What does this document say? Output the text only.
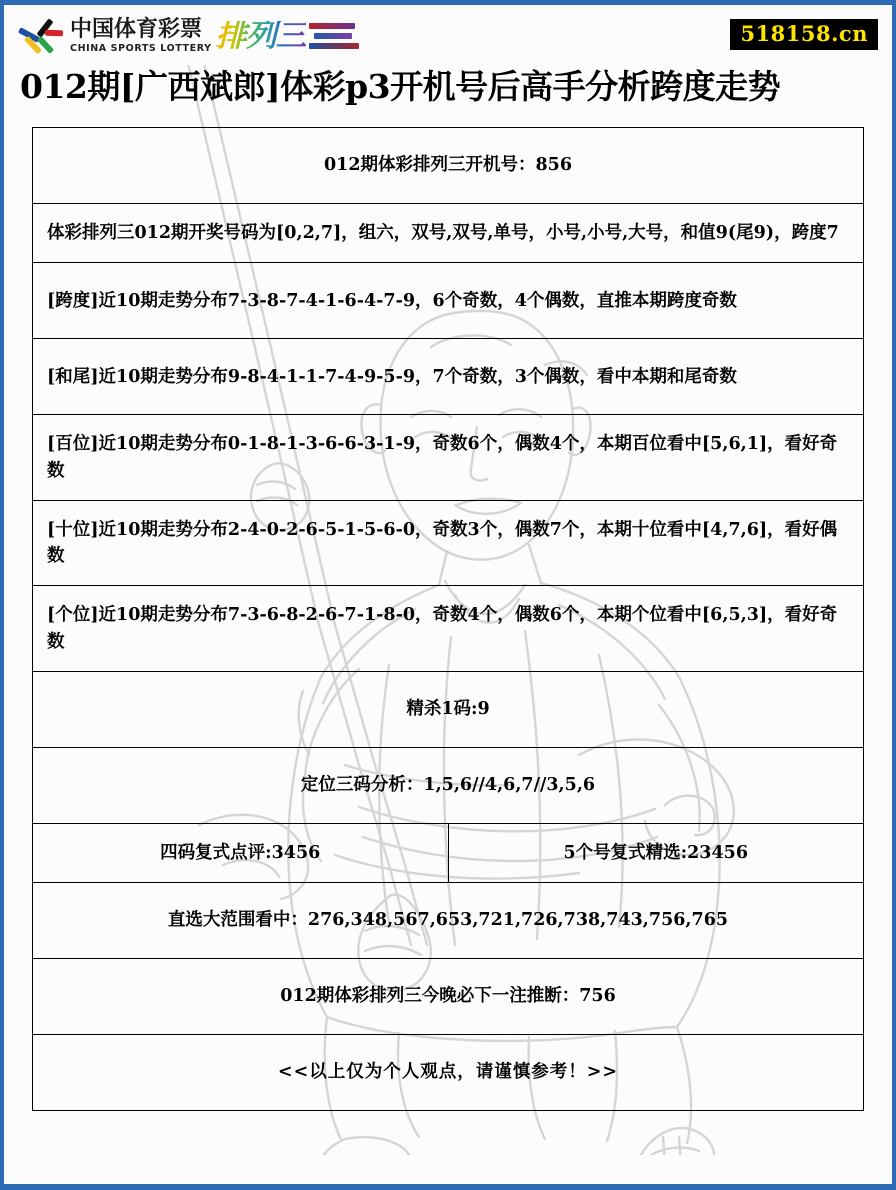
中国体育彩票
CHINA SPORTS LOTTERY 排列三	518158.cn
012期[广西斌郎]体彩p3开机号后高手分析跨度走势
012期体彩排列三开机号：856
体彩排列三012期开奖号码为[0,2,7]，组六，双号,双号,单号，小号,小号,大号，和值9(尾9)，跨度7
[跨度]近10期走势分布7-3-8-7-4-1-6-4-7-9，6个奇数，4个偶数，直推本期跨度奇数
[和尾]近10期走势分布9-8-4-1-1-7-4-9-5-9，7个奇数，3个偶数，看中本期和尾奇数
[百位]近10期走势分布0-1-8-1-3-6-6-3-1-9，奇数6个，偶数4个，本期百位看中[5,6,1]，看好奇数
[十位]近10期走势分布2-4-0-2-6-5-1-5-6-0，奇数3个，偶数7个，本期十位看中[4,7,6]，看好偶数
[个位]近10期走势分布7-3-6-8-2-6-7-1-8-0，奇数4个，偶数6个，本期个位看中[6,5,3]，看好奇数
精杀1码:9
定位三码分析：1,5,6//4,6,7//3,5,6
四码复式点评:3456	5个号复式精选:23456
直选大范围看中：276,348,567,653,721,726,738,743,756,765
012期体彩排列三今晚必下一注推断：756
<<以上仅为个人观点，请谨慎参考！>>
